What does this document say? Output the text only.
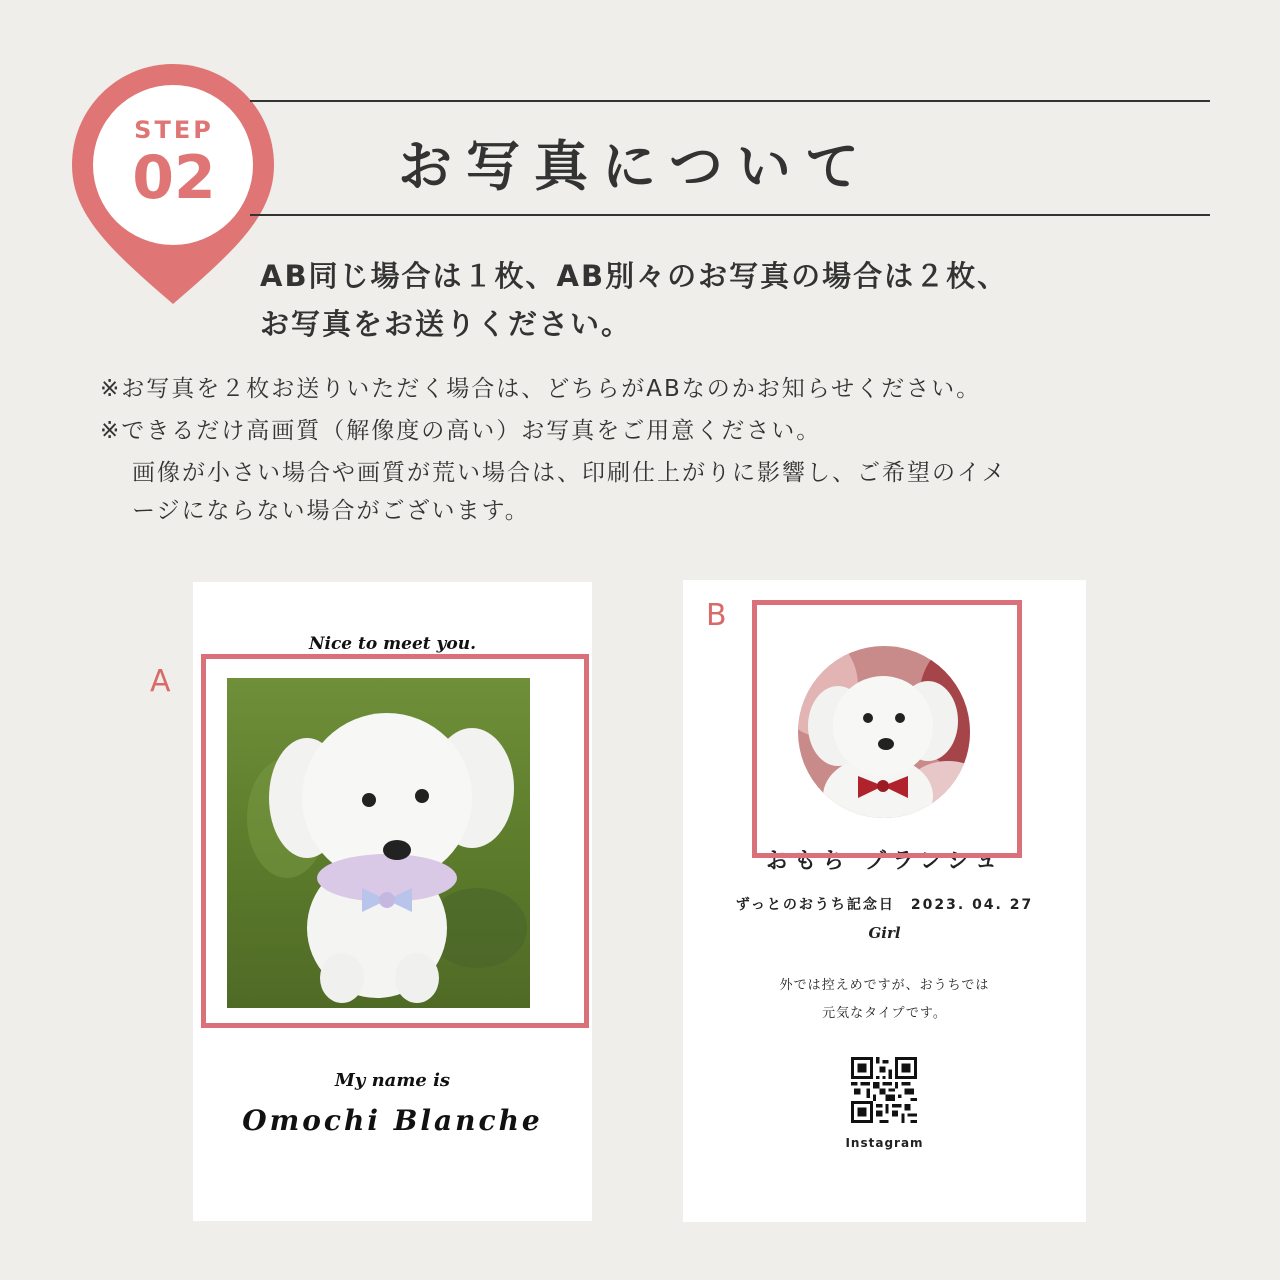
STEP
02	お写真について
AB同じ場合は１枚、AB別々のお写真の場合は２枚、
お写真をお送りください。
※お写真を２枚お送りいただく場合は、どちらがABなのかお知らせください。
※できるだけ高画質（解像度の高い）お写真をご用意ください。
画像が小さい場合や画質が荒い場合は、印刷仕上がりに影響し、ご希望のイメ
ージにならない場合がございます。
A
Nice to meet you.
My name is
Omochi Blanche
B
おもち ブランシュ
ずっとのおうち記念日　2023. 04. 27
Girl
外では控えめですが、おうちでは
元気なタイプです。
Instagram
